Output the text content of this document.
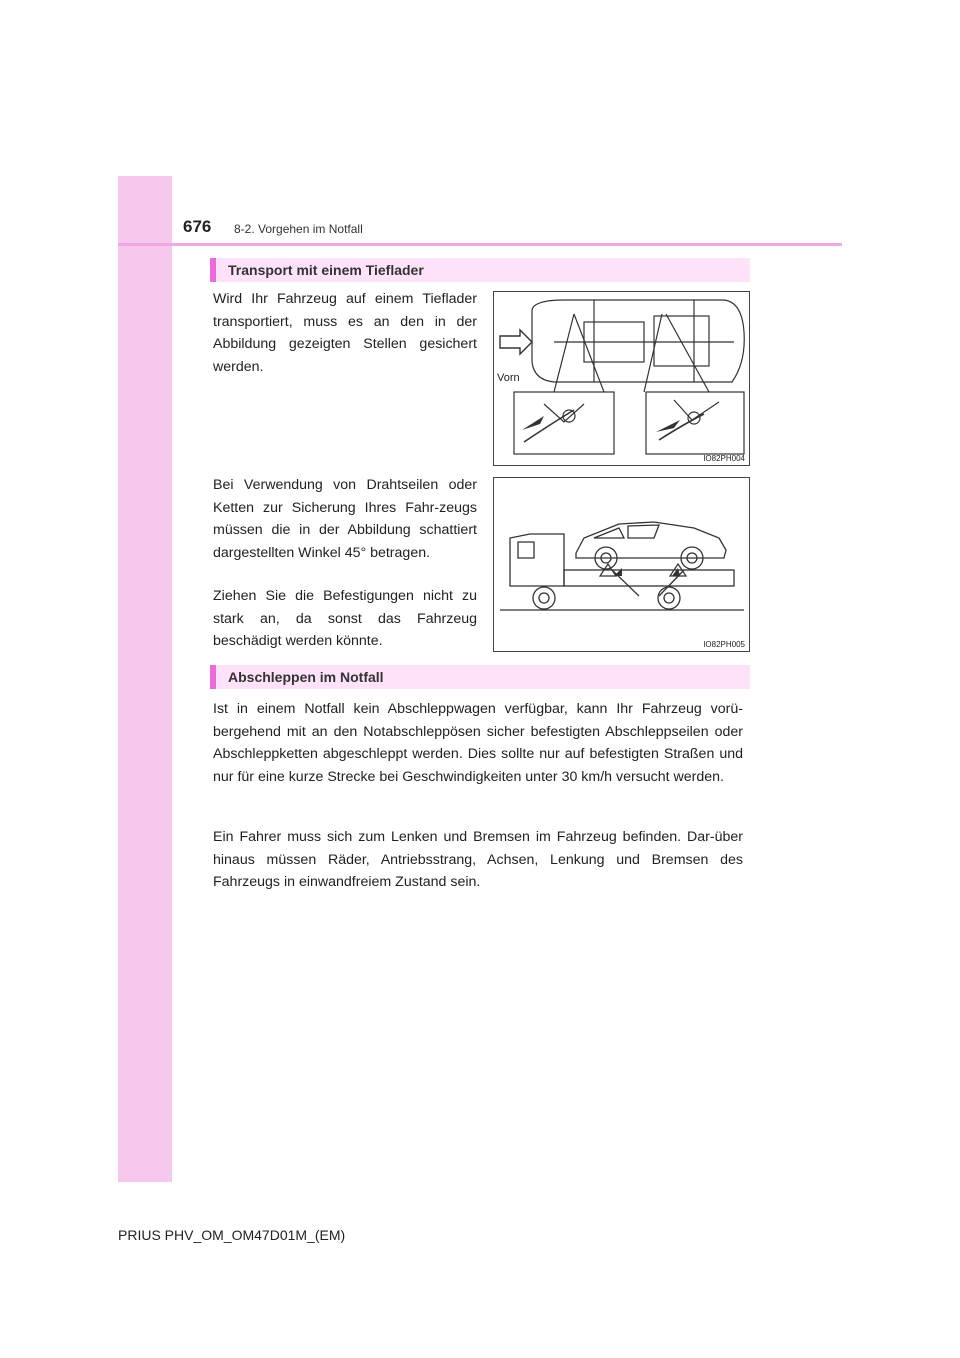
676 8-2. Vorgehen im Notfall
Transport mit einem Tieflader

Wird Ihr Fahrzeug auf einem Tieflader transportiert, muss es an den in der Abbildung gezeigten Stellen gesichert werden.

Vorn
IO82PH004

Bei Verwendung von Drahtseilen oder Ketten zur Sicherung Ihres Fahr-zeugs müssen die in der Abbildung schattiert dargestellten Winkel 45° betragen.

Ziehen Sie die Befestigungen nicht zu stark an, da sonst das Fahrzeug beschädigt werden könnte.	IO82PH005
Abschleppen im Notfall

Ist in einem Notfall kein Abschleppwagen verfügbar, kann Ihr Fahrzeug vorü-bergehend mit an den Notabschleppösen sicher befestigten Abschleppseilen oder Abschleppketten abgeschleppt werden. Dies sollte nur auf befestigten Straßen und nur für eine kurze Strecke bei Geschwindigkeiten unter 30 km/h versucht werden.

Ein Fahrer muss sich zum Lenken und Bremsen im Fahrzeug befinden. Dar-über hinaus müssen Räder, Antriebsstrang, Achsen, Lenkung und Bremsen des Fahrzeugs in einwandfreiem Zustand sein.

PRIUS PHV_OM_OM47D01M_(EM)
